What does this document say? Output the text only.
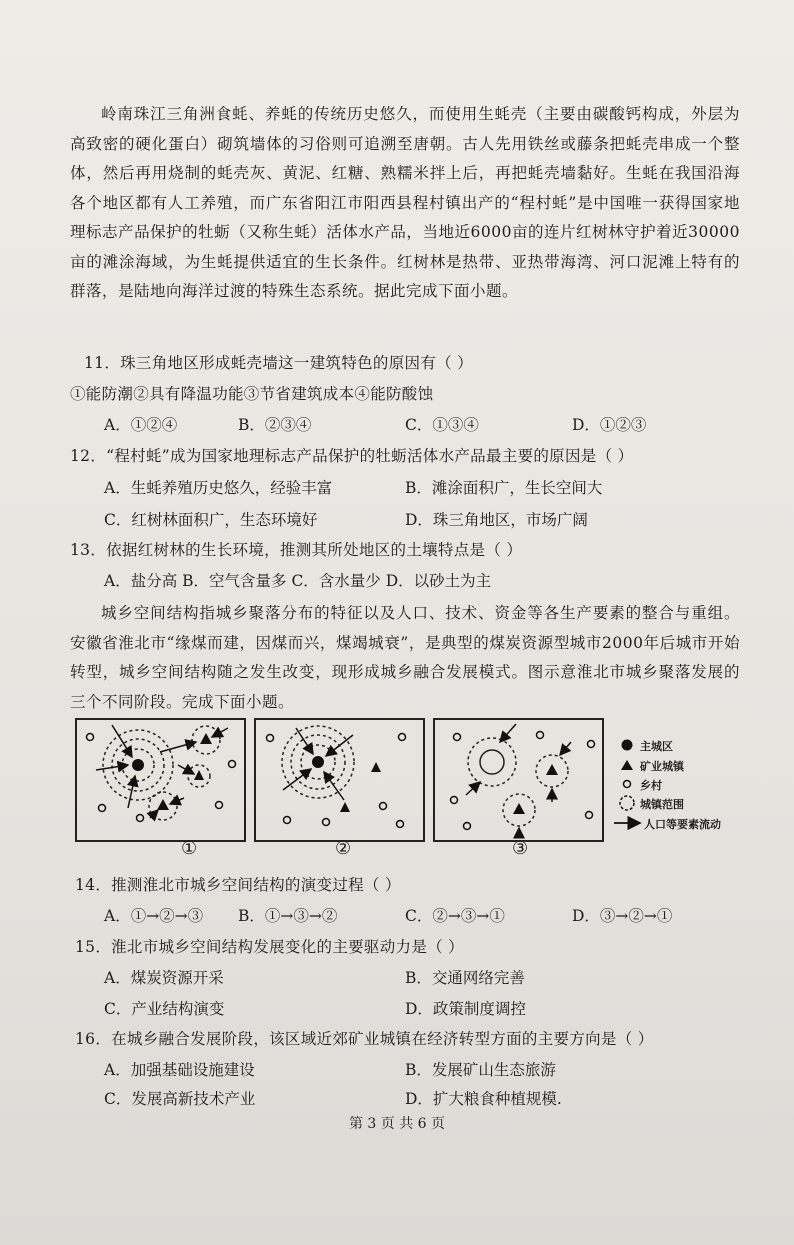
岭南珠江三角洲食蚝、养蚝的传统历史悠久，而使用生蚝壳（主要由碳酸钙构成，外层为高致密的硬化蛋白）砌筑墙体的习俗则可追溯至唐朝。古人先用铁丝或藤条把蚝壳串成一个整体，然后再用烧制的蚝壳灰、黄泥、红糖、熟糯米拌上后，再把蚝壳墙黏好。生蚝在我国沿海各个地区都有人工养殖，而广东省阳江市阳西县程村镇出产的“程村蚝”是中国唯一获得国家地理标志产品保护的牡蛎（又称生蚝）活体水产品，当地近6000亩的连片红树林守护着近30000亩的滩涂海域，为生蚝提供适宜的生长条件。红树林是热带、亚热带海湾、河口泥滩上特有的群落，是陆地向海洋过渡的特殊生态系统。据此完成下面小题。
11．珠三角地区形成蚝壳墙这一建筑特色的原因有（ ）
①能防潮②具有降温功能③节省建筑成本④能防酸蚀
A．①②④	B．②③④	C．①③④	D．①②③
12．“程村蚝”成为国家地理标志产品保护的牡蛎活体水产品最主要的原因是（ ）
A．生蚝养殖历史悠久，经验丰富	B．滩涂面积广，生长空间大
C．红树林面积广，生态环境好	D．珠三角地区，市场广阔
13．依据红树林的生长环境，推测其所处地区的土壤特点是（ ）
A．盐分高 B．空气含量多 C．含水量少 D．以砂土为主
城乡空间结构指城乡聚落分布的特征以及人口、技术、资金等各生产要素的整合与重组。安徽省淮北市“缘煤而建，因煤而兴，煤竭城衰”，是典型的煤炭资源型城市2000年后城市开始转型，城乡空间结构随之发生改变，现形成城乡融合发展模式。图示意淮北市城乡聚落发展的三个不同阶段。完成下面小题。
主城区
矿业城镇
乡村
城镇范围
人口等要素流动
①	②	③
14．推测淮北市城乡空间结构的演变过程（ ）
A．①→②→③ B．①→③→②	C．②→③→①	D．③→②→①
15．淮北市城乡空间结构发展变化的主要驱动力是（ ）
A．煤炭资源开采	B．交通网络完善
C．产业结构演变	D．政策制度调控
16．在城乡融合发展阶段，该区域近郊矿业城镇在经济转型方面的主要方向是（ ）
A．加强基础设施建设	B．发展矿山生态旅游
C．发展高新技术产业	D．扩大粮食种植规模.
第 3 页 共 6 页
